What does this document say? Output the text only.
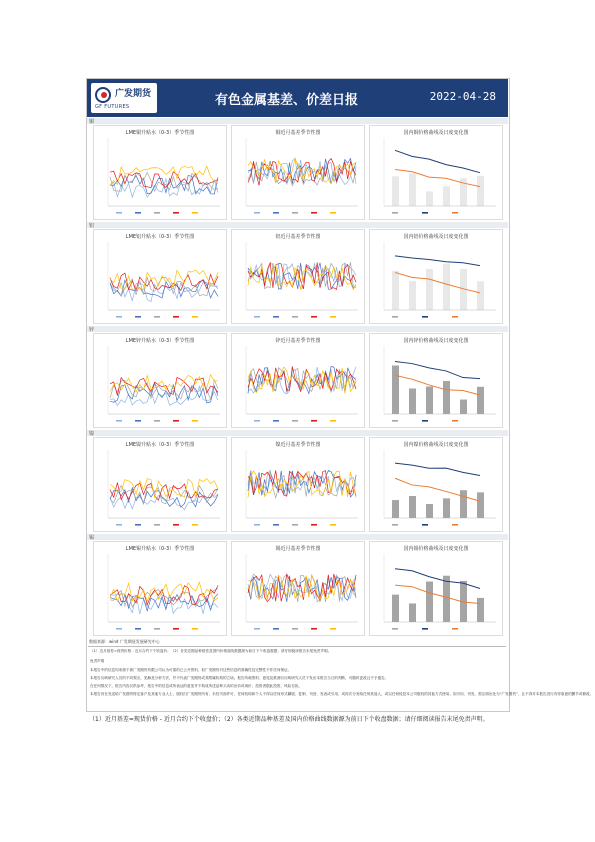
广发期货
GF FUTURES	有色金属基差、价差日报	2022-04-28
铜
LME铜升贴水（0-3）季节性图	铜近月基差季节性图	国内铜价格曲线及日度变化图
铝
LME铝升贴水（0-3）季节性图	铝近月基差季节性图	国内铝价格曲线及日度变化图
锌
LME锌升贴水（0-3）季节性图	锌近月基差季节性图	国内锌价格曲线及日度变化图
镍
LME镍升贴水（0-3）季节性图	镍近月基差季节性图	国内镍价格曲线及日度变化图
锡
LME锡升贴水（0-3）季节性图	锡近月基差季节性图	国内锡价格曲线及日度变化图
数据来源：wind 广发期货发展研究中心
（1）近月基差=现货价格 - 近月合约下个收盘价；（2）各类近期品种基差及国内价格曲线数据源为前日下个收盘数据；请仔细阅读报告末尾免责声明。
免责声明
本报告中的信息均来源于被广发期货有限公司认为可靠的已公开资料，但广发期货对这些信息的准确性及完整性不作任何保证。
本报告反映研究人员的不同观点、见解及分析方法，并不代表广发期货或其附属机构的立场。报告所载资料、意见及推测仅反映研究人员于发出本报告当日的判断，可随时更改且不予通告。
在任何情况下，报告内容仅供参考，报告中的信息或所表达的意见并不构成所述品种买卖的出价或询价，投资者据此投资，风险自担。
本报告旨在发送给广发期货特定客户及其他专业人士，版权归广发期货所有，未经书面许可，任何机构和个人不得以任何形式翻版、复制、刊登、发表或引用，或再次分发给任何其他人，或以任何侵犯本公司版权的其他方式使用。如引用、刊发，需注明出处为“广发期货”，且不得对本报告进行有悖原意的删节或修改。
（1）近月基差=现货价格 - 近月合约下个收盘价；（2）各类近期品种基差及国内价格曲线数据源为前日下个收盘数据；请仔细阅读报告末尾免责声明。
